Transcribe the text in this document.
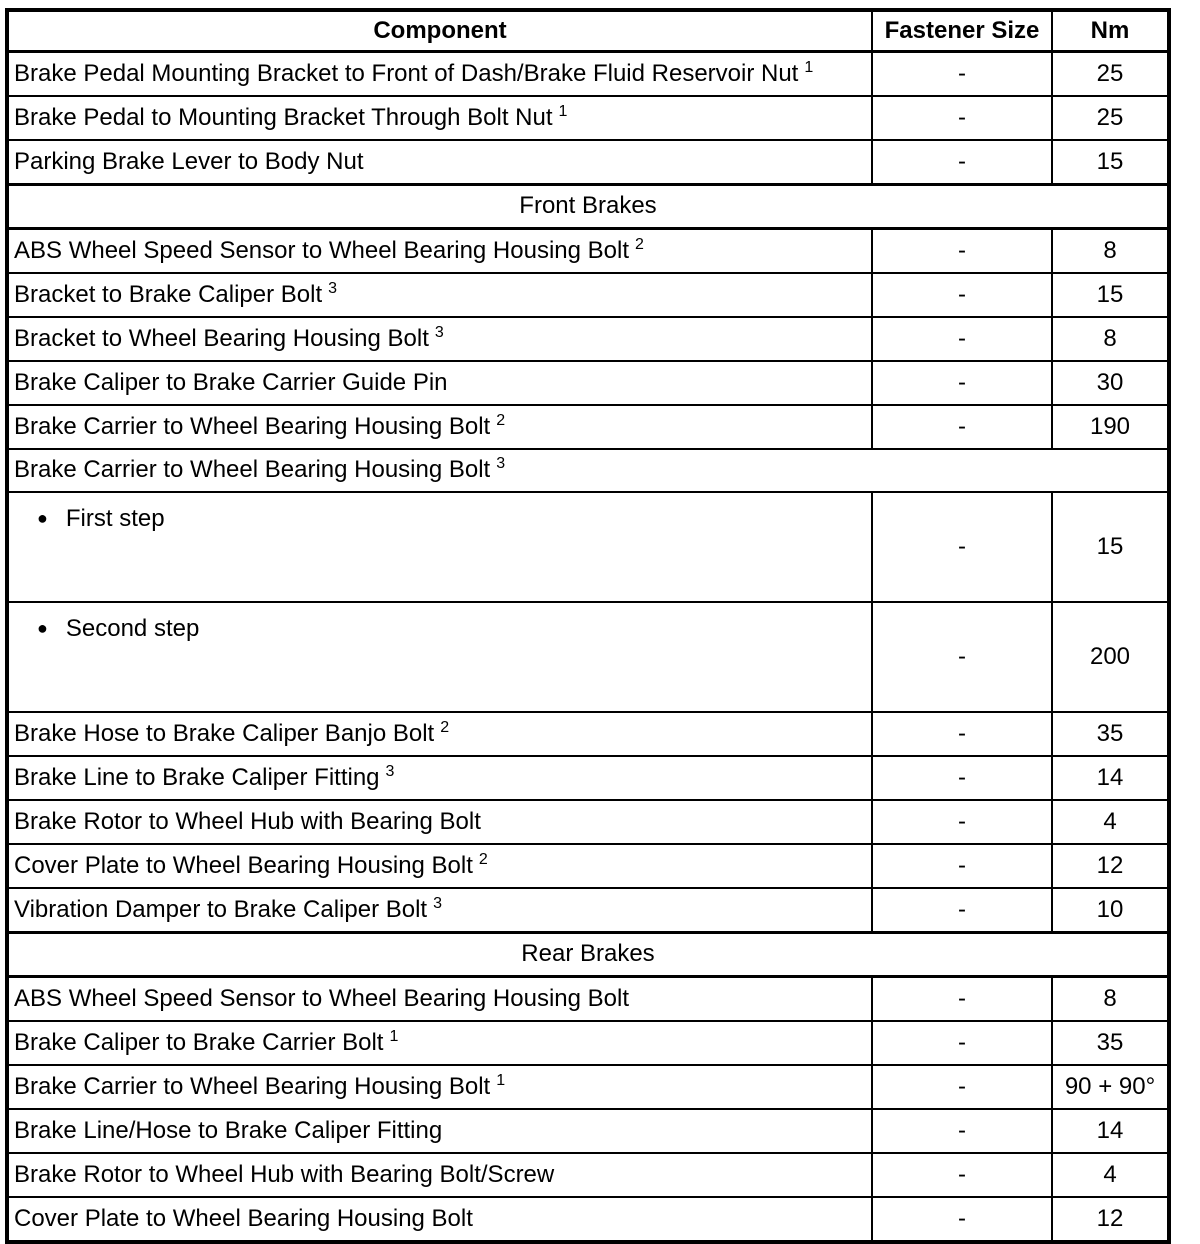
Component	Fastener Size	Nm
Brake Pedal Mounting Bracket to Front of Dash/Brake Fluid Reservoir Nut $^1$	-	25
Brake Pedal to Mounting Bracket Through Bolt Nut $^1$	-	25
Parking Brake Lever to Body Nut	-	15
Front Brakes		
ABS Wheel Speed Sensor to Wheel Bearing Housing Bolt $^2$	-	8
Bracket to Brake Caliper Bolt $^3$	-	15
Bracket to Wheel Bearing Housing Bolt $^3$	-	8
Brake Caliper to Brake Carrier Guide Pin	-	30
Brake Carrier to Wheel Bearing Housing Bolt $^2$	-	190
Brake Carrier to Wheel Bearing Housing Bolt $^3$
● First step	-	15
● Second step	-	200
Brake Hose to Brake Caliper Banjo Bolt $^2$	-	35
Brake Line to Brake Caliper Fitting $^3$	-	14
Brake Rotor to Wheel Hub with Bearing Bolt	-	4
Cover Plate to Wheel Bearing Housing Bolt $^2$	-	12
Vibration Damper to Brake Caliper Bolt $^3$	-	10
Rear Brakes		
ABS Wheel Speed Sensor to Wheel Bearing Housing Bolt	-	8
Brake Caliper to Brake Carrier Bolt $^1$	-	35
Brake Carrier to Wheel Bearing Housing Bolt $^1$	-	90 + 90°
Brake Line/Hose to Brake Caliper Fitting	-	14
Brake Rotor to Wheel Hub with Bearing Bolt/Screw	-	4
Cover Plate to Wheel Bearing Housing Bolt	-	12
